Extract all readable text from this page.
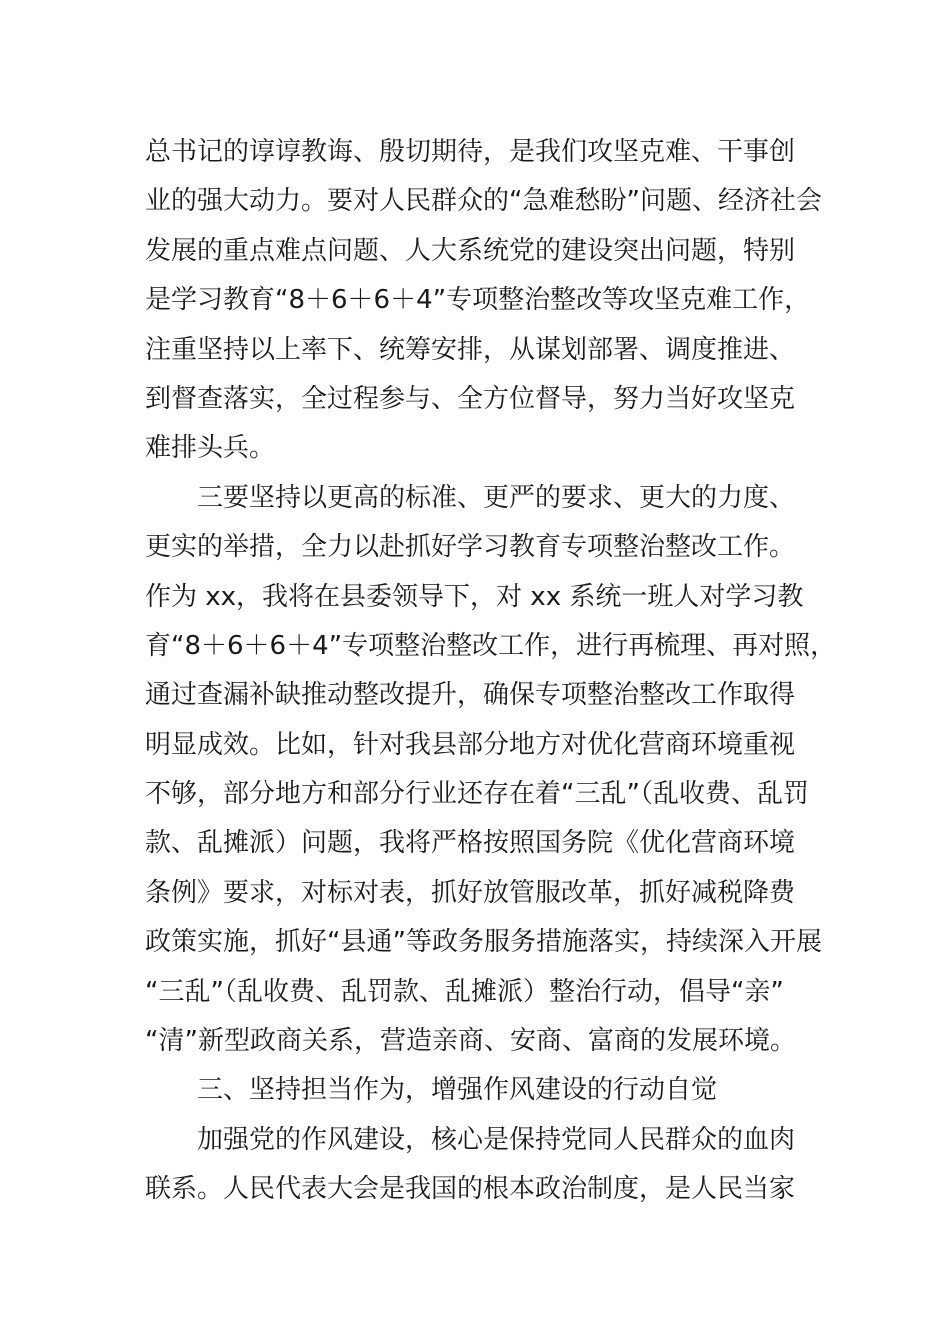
总书记的谆谆教诲、殷切期待，是我们攻坚克难、干事创
业的强大动力。要对人民群众的“急难愁盼”问题、经济社会
发展的重点难点问题、人大系统党的建设突出问题，特别
是学习教育“8＋6＋6＋4”专项整治整改等攻坚克难工作，
注重坚持以上率下、统筹安排，从谋划部署、调度推进、
到督查落实，全过程参与、全方位督导，努力当好攻坚克
难排头兵。
三要坚持以更高的标准、更严的要求、更大的力度、
更实的举措，全力以赴抓好学习教育专项整治整改工作。
作为 xx，我将在县委领导下，对 xx 系统一班人对学习教
育“8＋6＋6＋4”专项整治整改工作，进行再梳理、再对照，
通过查漏补缺推动整改提升，确保专项整治整改工作取得
明显成效。比如，针对我县部分地方对优化营商环境重视
不够，部分地方和部分行业还存在着“三乱”（乱收费、乱罚
款、乱摊派）问题，我将严格按照国务院《优化营商环境
条例》要求，对标对表，抓好放管服改革，抓好减税降费
政策实施，抓好“县通”等政务服务措施落实，持续深入开展
“三乱”（乱收费、乱罚款、乱摊派）整治行动，倡导“亲”
“清”新型政商关系，营造亲商、安商、富商的发展环境。
三、坚持担当作为，增强作风建设的行动自觉
加强党的作风建设，核心是保持党同人民群众的血肉
联系。人民代表大会是我国的根本政治制度，是人民当家
